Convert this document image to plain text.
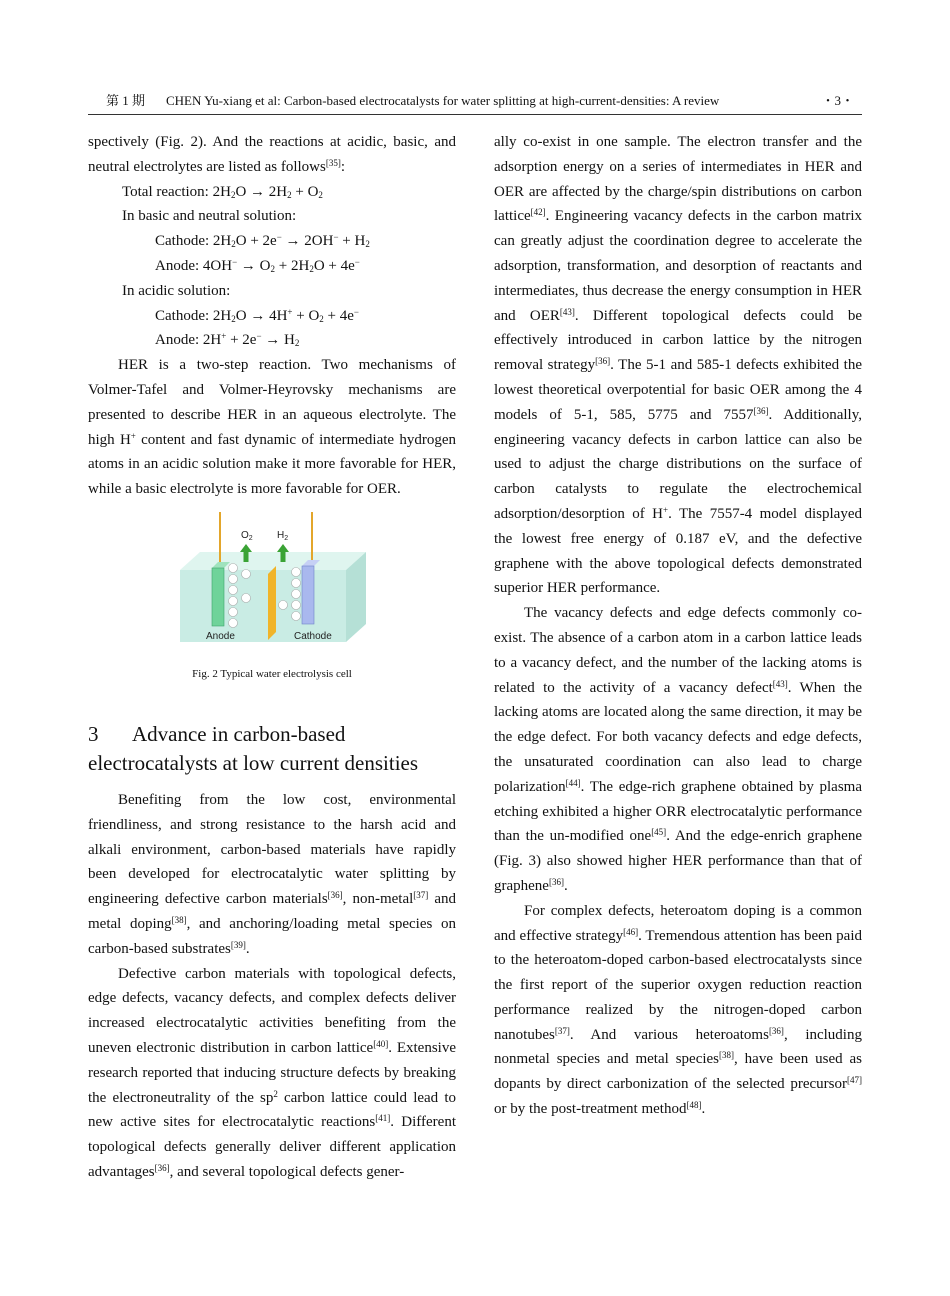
第 1 期 CHEN Yu-xiang et al: Carbon-based electrocatalysts for water splitting at high-current-densities: A review	・3・

spectively (Fig. 2). And the reactions at acidic, basic, and neutral electrolytes are listed as follows[35]:

Total reaction: $2H_2O \to 2H_2 + O_2$

In basic and neutral solution:

Cathode: $2H_2O + 2e^- \to 2OH^- + H_2$

Anode: $4OH^- \to O_2 + 2H_2O + 4e^-$

In acidic solution:

Cathode: $2H_2O \to 4H^+ + O_2 + 4e^-$

Anode: $2H^+ + 2e^- \to H_2$

HER is a two-step reaction. Two mechanisms of Volmer-Tafel and Volmer-Heyrovsky mechanisms are presented to describe HER in an aqueous electrolyte. The high H+ content and fast dynamic of intermediate hydrogen atoms in an acidic solution make it more favorable for HER, while a basic electrolyte is more favorable for OER.

$O_2$ $H_2$
Anode	Cathode
Fig. 2 Typical water electrolysis cell
3 Advance in carbon-based electrocatalysts at low current densities

Benefiting from the low cost, environmental friendliness, and strong resistance to the harsh acid and alkali environment, carbon-based materials have rapidly been developed for electrocatalytic water splitting by engineering defective carbon materials[36], non-metal[37] and metal doping[38], and anchoring/loading metal species on carbon-based substrates[39].

Defective carbon materials with topological defects, edge defects, vacancy defects, and complex defects deliver increased electrocatalytic activities benefiting from the uneven electronic distribution in carbon lattice[40]. Extensive research reported that inducing structure defects by breaking the electroneutrality of the $sp^2$ carbon lattice could lead to new active sites for electrocatalytic reactions[41]. Different topological defects generally deliver different application advantages[36], and several topological defects gener-

ally co-exist in one sample. The electron transfer and the adsorption energy on a series of intermediates in HER and OER are affected by the charge/spin distributions on carbon lattice[42]. Engineering vacancy defects in the carbon matrix can greatly adjust the coordination degree to accelerate the adsorption, transformation, and desorption of reactants and intermediates, thus decrease the energy consumption in HER and OER[43]. Different topological defects could be effectively introduced in carbon lattice by the nitrogen removal strategy[36]. The 5-1 and 585-1 defects exhibited the lowest theoretical overpotential for basic OER among the 4 models of 5-1, 585, 5775 and 7557[36]. Additionally, engineering vacancy defects in carbon lattice can also be used to adjust the charge distributions on the surface of carbon catalysts to regulate the electrochemical adsorption/desorption of H+. The 7557-4 model displayed the lowest free energy of 0.187 eV, and the defective graphene with the above topological defects demonstrated superior HER performance.

The vacancy defects and edge defects commonly co-exist. The absence of a carbon atom in a carbon lattice leads to a vacancy defect, and the number of the lacking atoms is related to the activity of a vacancy defect[43]. When the lacking atoms are located along the same direction, it may be the edge defect. For both vacancy defects and edge defects, the unsaturated coordination can also lead to charge polarization[44]. The edge-rich graphene obtained by plasma etching exhibited a higher ORR electrocatalytic performance than the un-modified one[45]. And the edge-enrich graphene (Fig. 3) also showed higher HER performance than that of graphene[36].

For complex defects, heteroatom doping is a common and effective strategy[46]. Tremendous attention has been paid to the heteroatom-doped carbon-based electrocatalysts since the first report of the superior oxygen reduction reaction performance realized by the nitrogen-doped carbon nanotubes[37]. And various heteroatoms[36], including nonmetal species and metal species[38], have been used as dopants by direct carbonization of the selected precursor[47] or by the post-treatment method[48].
